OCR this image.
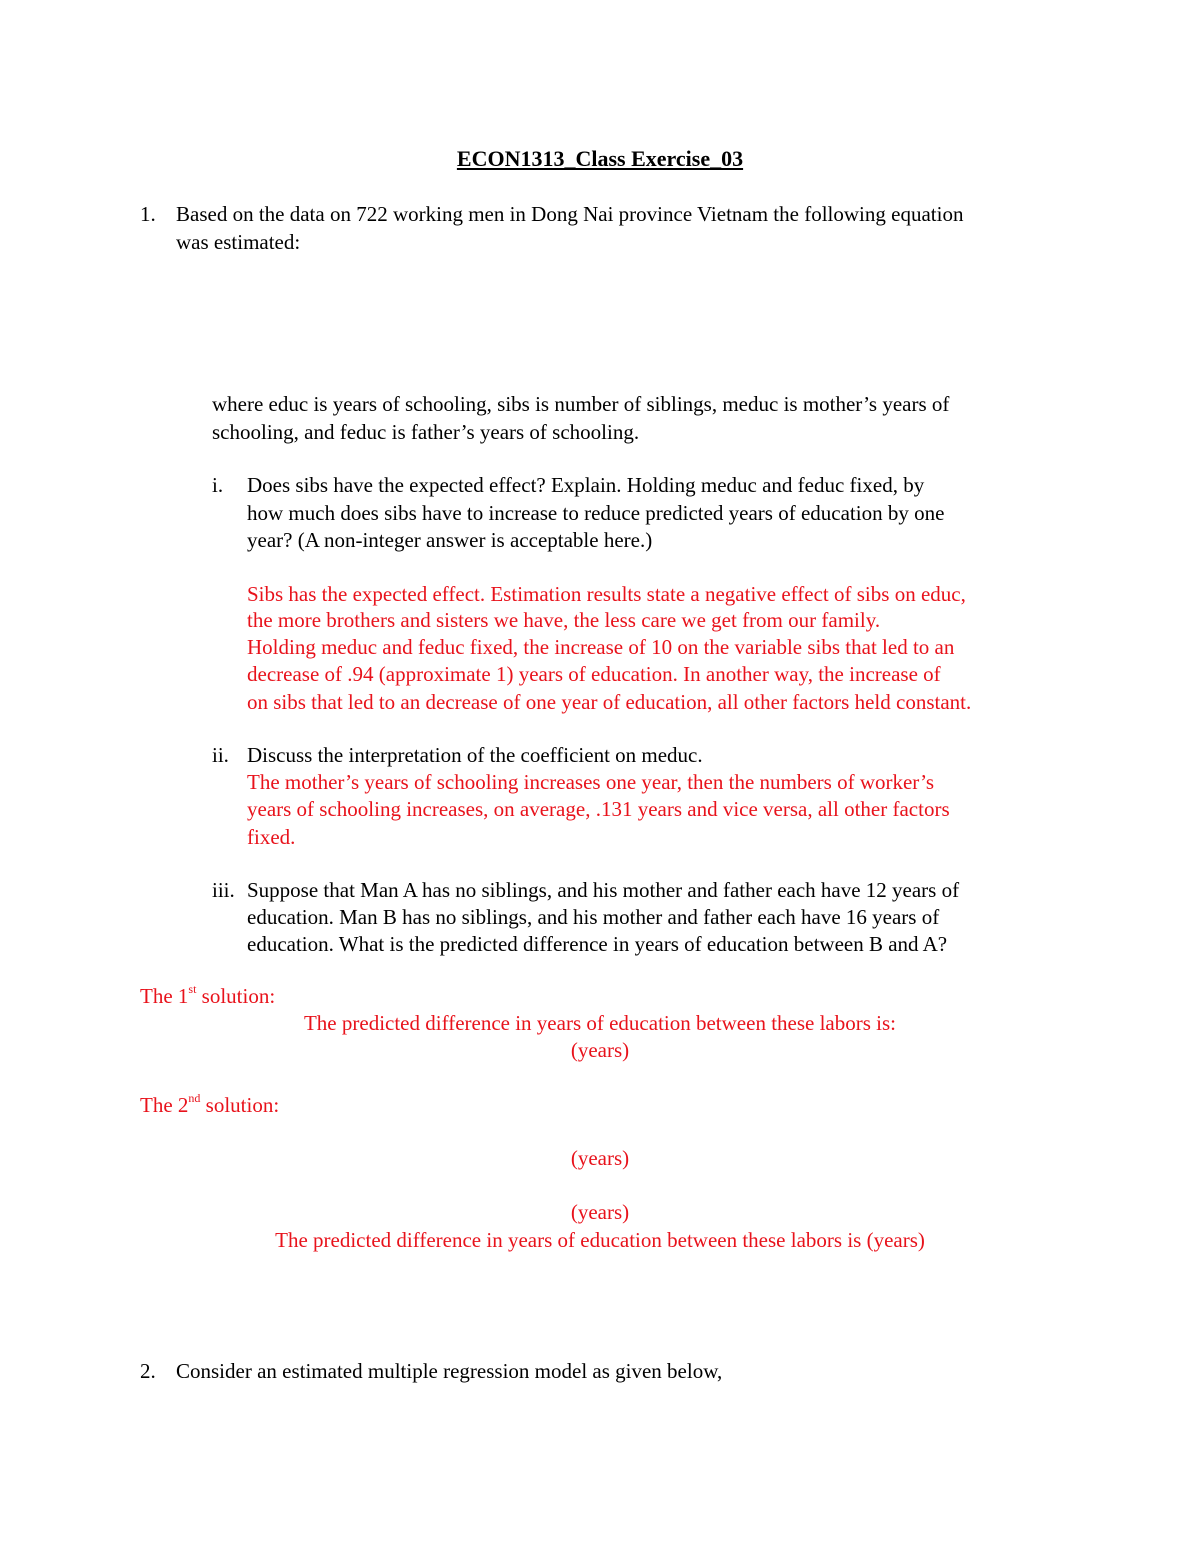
ECON1313_Class Exercise_03
1. Based on the data on 722 working men in Dong Nai province Vietnam the following equation
was estimated:
where educ is years of schooling, sibs is number of siblings, meduc is mother’s years of
schooling, and feduc is father’s years of schooling.
i. Does sibs have the expected effect? Explain. Holding meduc and feduc fixed, by
how much does sibs have to increase to reduce predicted years of education by one
year? (A non-integer answer is acceptable here.)
Sibs has the expected effect. Estimation results state a negative effect of sibs on educ,
the more brothers and sisters we have, the less care we get from our family.
Holding meduc and feduc fixed, the increase of 10 on the variable sibs that led to an
decrease of .94 (approximate 1) years of education. In another way, the increase of
on sibs that led to an decrease of one year of education, all other factors held constant.
ii. Discuss the interpretation of the coefficient on meduc.
The mother’s years of schooling increases one year, then the numbers of worker’s
years of schooling increases, on average, .131 years and vice versa, all other factors
fixed.
iii. Suppose that Man A has no siblings, and his mother and father each have 12 years of
education. Man B has no siblings, and his mother and father each have 16 years of
education. What is the predicted difference in years of education between B and A?
The 1st solution:
The predicted difference in years of education between these labors is:
(years)
The 2nd solution:
(years)
(years)
The predicted difference in years of education between these labors is (years)
2. Consider an estimated multiple regression model as given below,
